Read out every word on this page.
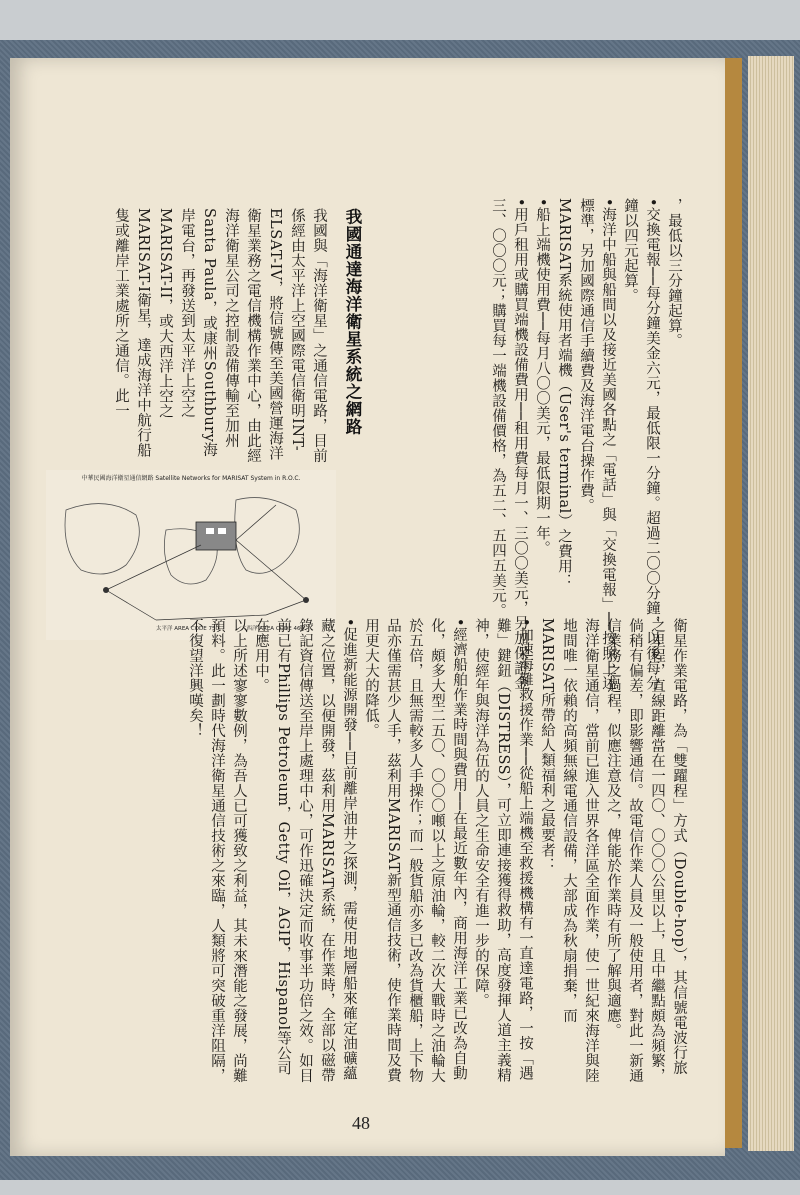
，最低以三分鐘起算。
•交換電報──每分鐘美金六元，最低限一分鐘。超過二〇〇分鐘，以後每分鐘以四元起算。
•海洋中船與船間以及接近美國各點之「電話」與「交換電報」──按照上述標準，另加國際通信手續費及海洋電台操作費。
MARISAT系統使用者端機（User's terminal）之費用：
•船上端機使用費──每月八〇〇美元，最低限期一年。
•用戶租用或購買端機設備費用──租用費每月一、三〇〇美元，另加保證金三、〇〇〇元；購買每一端機設備價格，為五二、五四五美元。
我國通達海洋衛星系統之網路
我國與「海洋衛星」之通信電路，目前係經由太平洋上空國際電信衛明INT-ELSAT-IV，將信號傳至美國營運海洋衛星業務之電信機構作業中心，由此經海洋衛星公司之控制設備傳輸至加州Santa Paula，或康州Southbury海岸電台，再發送到太平洋上空之MARISAT-II，或大西洋上空之MARISAT-I衛星，達成海洋中航行船隻或離岸工業處所之通信。此一
中華民國海洋衛星通信網路 Satellite Networks for MARISAT System in R.O.C.
太平洋 AREA CODE 750	大西洋 AREA CODE 460	衛星作業電路，為「雙躍程」方式（Double-hop），其信號電波行旅之里程，直線距離當在一四〇、〇〇〇公里以上，且中繼點頗為頻繁，倘稍有偏差，即影響通信。故電信作業人員及一般使用者，對此一新通信業務之過程，似應注意及之，俾能於作業時有所了解與適應。
海洋衛星通信，當前已進入世界各洋區全面作業，使一世紀來海洋與陸地間唯一依賴的高頻無線電通信設備，大部成為秋扇捐棄，而MARISAT所帶給人類福利之最要者：
•加速海難救援作業──從船上端機至救援機構有一直達電路，一按「遇難」鍵鈕（DISTRESS），可立即連接獲得救助，高度發揮人道主義精神，使經年與海洋為伍的人員之生命安全有進一步的保障。
•經濟船舶作業時間與費用──在最近數年內，商用海洋工業已改為自動化，頗多大型二五〇、〇〇〇噸以上之原油輪，較二次大戰時之油輪大於五倍，且無需較多人手操作；而一般貨船亦多已改為貨櫃船，上下物品亦僅需甚少人手，茲利用MARISAT新型通信技術，使作業時間及費用更大大的降低。
•促進新能源開發──目前離岸油井之探測，需使用地層船來確定油礦蘊藏之位置，以便開發，茲利用MARISAT系統，在作業時，全部以磁帶錄記資信傳送至岸上處理中心，可作迅確決定而收事半功倍之效。如目前已有Phillips Petroleum，Getty Oil，AGIP，Hispanol等公司在應用中。
以上所述寥寥數例，為吾人已可獲致之利益，其未來潛能之發展，尚難預料。此一劃時代海洋衛星通信技術之來臨，人類將可突破重洋阻隔，不復望洋興嘆矣！
48
